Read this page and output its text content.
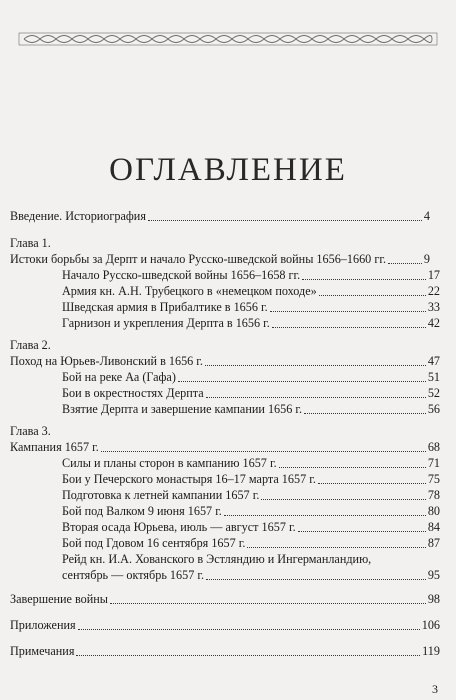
ОГЛАВЛЕНИЕ
Введение. Историография	4
Глава 1.
Истоки борьбы за Дерпт и начало Русско-шведской войны 1656–1660 гг.	9
Начало Русско-шведской войны 1656–1658 гг.	17
Армия кн. А.Н. Трубецкого в «немецком походе»	22
Шведская армия в Прибалтике в 1656 г.	33
Гарнизон и укрепления Дерпта в 1656 г.	42
Глава 2.
Поход на Юрьев-Ливонский в 1656 г.	47
Бой на реке Аа (Гафа)	51
Бои в окрестностях Дерпта	52
Взятие Дерпта и завершение кампании 1656 г.	56
Глава 3.
Кампания 1657 г.	68
Силы и планы сторон в кампанию 1657 г.	71
Бои у Печерского монастыря 16–17 марта 1657 г.	75
Подготовка к летней кампании 1657 г.	78
Бой под Валком 9 июня 1657 г.	80
Вторая осада Юрьева, июль — август 1657 г.	84
Бой под Гдовом 16 сентября 1657 г.	87
Рейд кн. И.А. Хованского в Эстляндию и Ингерманландию,
сентябрь — октябрь 1657 г.	95
Завершение войны	98
Приложения	106
Примечания	119
3
